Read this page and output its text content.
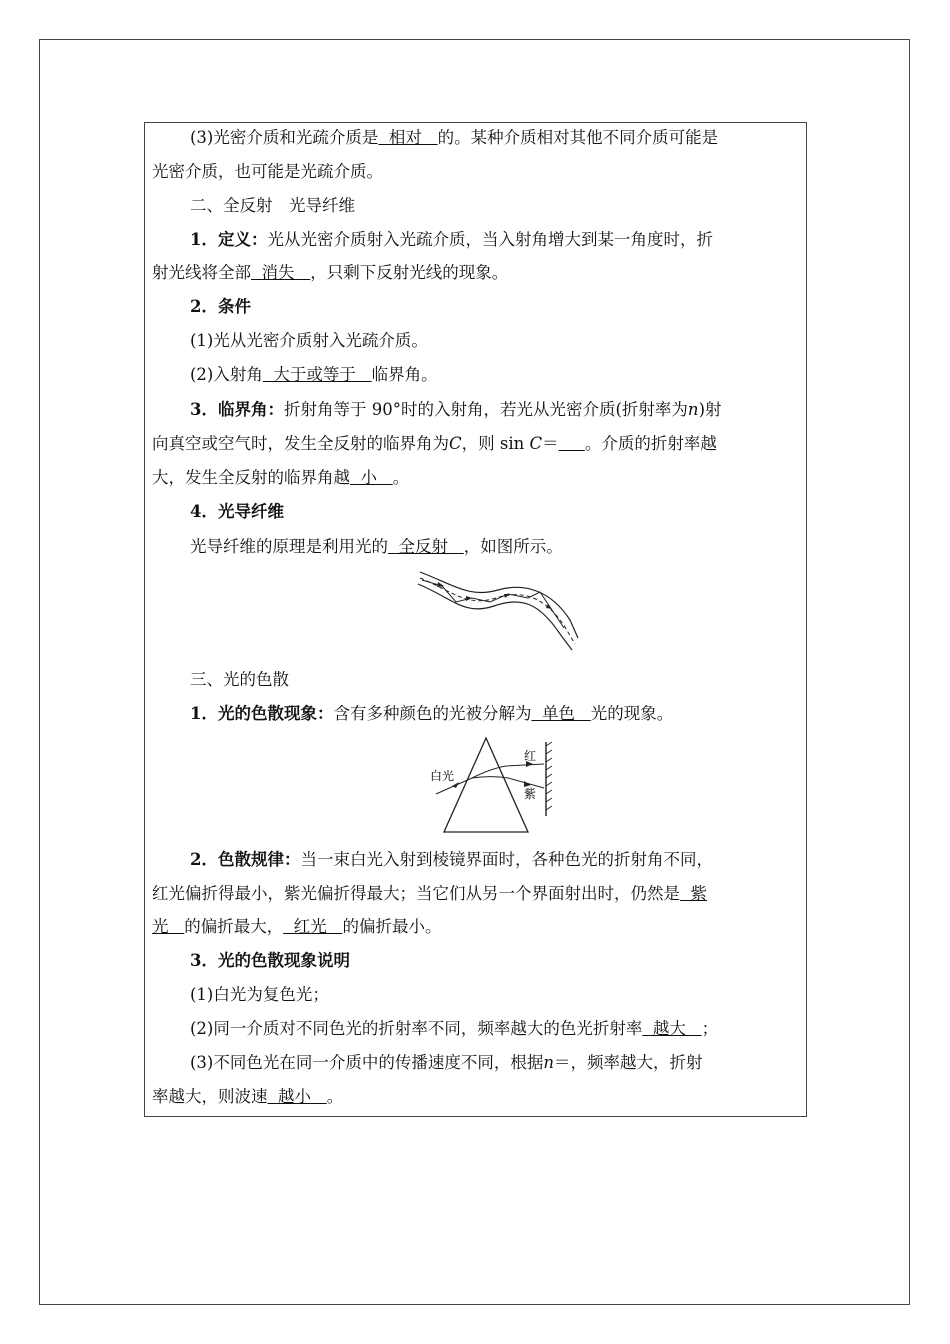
(3)光密介质和光疏介质是  相对   的。某种介质相对其他不同介质可能是
光密介质，也可能是光疏介质。
二、全反射　光导纤维
1．定义：光从光密介质射入光疏介质，当入射角增大到某一角度时，折
射光线将全部  消失   ，只剩下反射光线的现象。
2．条件
(1)光从光密介质射入光疏介质。
(2)入射角  大于或等于   临界角。
3．临界角：折射角等于 90°时的入射角，若光从光密介质(折射率为n)射
向真空或空气时，发生全反射的临界角为C，则 sin C＝ 。介质的折射率越
大，发生全反射的临界角越  小   。
4．光导纤维
光导纤维的原理是利用光的  全反射   ，如图所示。
三、光的色散
1．光的色散现象：含有多种颜色的光被分解为  单色   光的现象。
白光
红
紫
2．色散规律：当一束白光入射到棱镜界面时，各种色光的折射角不同，
红光偏折得最小，紫光偏折得最大；当它们从另一个界面射出时，仍然是  紫
光   的偏折最大，  红光   的偏折最小。
3．光的色散现象说明
(1)白光为复色光；
(2)同一介质对不同色光的折射率不同，频率越大的色光折射率  越大   ；
(3)不同色光在同一介质中的传播速度不同，根据n＝，频率越大，折射
率越大，则波速  越小   。
